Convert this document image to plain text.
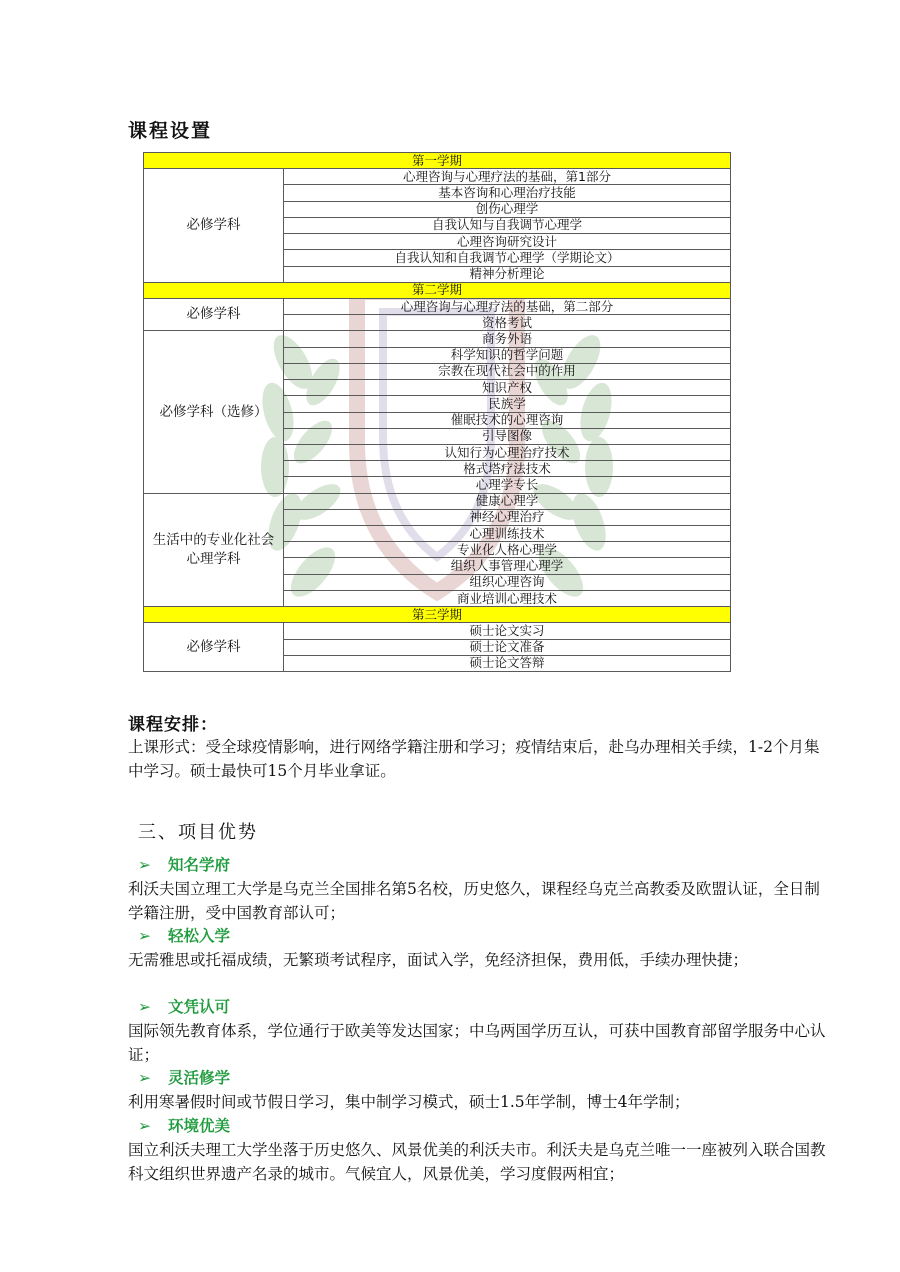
课程设置
第一学期	
必修学科	心理咨询与心理疗法的基础，第1部分
	基本咨询和心理治疗技能
	创伤心理学
	自我认知与自我调节心理学
	心理咨询研究设计
	自我认知和自我调节心理学（学期论文）
	精神分析理论
第二学期	
必修学科	心理咨询与心理疗法的基础，第二部分
	资格考试
必修学科（选修）	商务外语
	科学知识的哲学问题
	宗教在现代社会中的作用
	知识产权
	民族学
	催眠技术的心理咨询
	引导图像
	认知行为心理治疗技术
	格式塔疗法技术
	心理学专长
生活中的专业化社会心理学科	健康心理学
	神经心理治疗
	心理训练技术
	专业化人格心理学
	组织人事管理心理学
	组织心理咨询
	商业培训心理技术
第三学期	
必修学科	硕士论文实习
	硕士论文准备
	硕士论文答辩
课程安排：

上课形式：受全球疫情影响，进行网络学籍注册和学习；疫情结束后，赴乌办理相关手续，1-2个月集中学习。硕士最快可15个月毕业拿证。

三、项目优势

➢ 知名学府

利沃夫国立理工大学是乌克兰全国排名第5名校，历史悠久，课程经乌克兰高教委及欧盟认证，全日制学籍注册，受中国教育部认可；

➢ 轻松入学

无需雅思或托福成绩，无繁琐考试程序，面试入学，免经济担保，费用低，手续办理快捷；

➢ 文凭认可

国际领先教育体系，学位通行于欧美等发达国家；中乌两国学历互认，可获中国教育部留学服务中心认证；

➢ 灵活修学

利用寒暑假时间或节假日学习，集中制学习模式，硕士1.5年学制，博士4年学制；

➢ 环境优美

国立利沃夫理工大学坐落于历史悠久、风景优美的利沃夫市。利沃夫是乌克兰唯一一座被列入联合国教科文组织世界遗产名录的城市。气候宜人，风景优美，学习度假两相宜；
